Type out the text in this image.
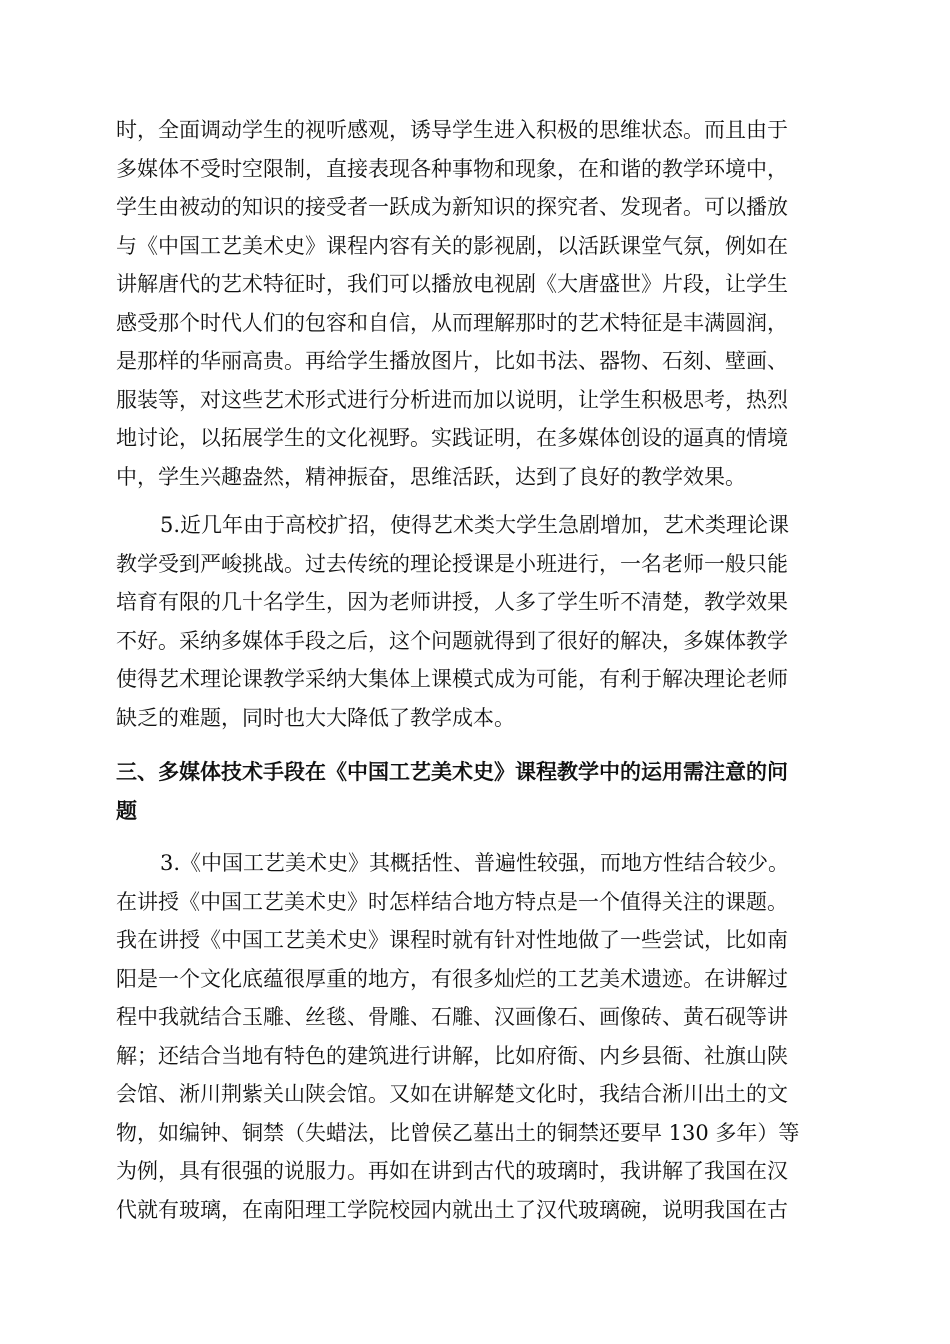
时，全面调动学生的视听感观，诱导学生进入积极的思维状态。而且由于
多媒体不受时空限制，直接表现各种事物和现象，在和谐的教学环境中，
学生由被动的知识的接受者一跃成为新知识的探究者、发现者。可以播放
与《中国工艺美术史》课程内容有关的影视剧，以活跃课堂气氛，例如在
讲解唐代的艺术特征时，我们可以播放电视剧《大唐盛世》片段，让学生
感受那个时代人们的包容和自信，从而理解那时的艺术特征是丰满圆润，
是那样的华丽高贵。再给学生播放图片，比如书法、器物、石刻、壁画、
服装等，对这些艺术形式进行分析进而加以说明，让学生积极思考，热烈
地讨论，以拓展学生的文化视野。实践证明，在多媒体创设的逼真的情境
中，学生兴趣盎然，精神振奋，思维活跃，达到了良好的教学效果。
5.近几年由于高校扩招，使得艺术类大学生急剧增加，艺术类理论课
教学受到严峻挑战。过去传统的理论授课是小班进行，一名老师一般只能
培育有限的几十名学生，因为老师讲授，人多了学生听不清楚，教学效果
不好。采纳多媒体手段之后，这个问题就得到了很好的解决，多媒体教学
使得艺术理论课教学采纳大集体上课模式成为可能，有利于解决理论老师
缺乏的难题，同时也大大降低了教学成本。
三、多媒体技术手段在《中国工艺美术史》课程教学中的运用需注意的问
题
3.《中国工艺美术史》其概括性、普遍性较强，而地方性结合较少。
在讲授《中国工艺美术史》时怎样结合地方特点是一个值得关注的课题。
我在讲授《中国工艺美术史》课程时就有针对性地做了一些尝试，比如南
阳是一个文化底蕴很厚重的地方，有很多灿烂的工艺美术遗迹。在讲解过
程中我就结合玉雕、丝毯、骨雕、石雕、汉画像石、画像砖、黄石砚等讲
解；还结合当地有特色的建筑进行讲解，比如府衙、内乡县衙、社旗山陕
会馆、淅川荆紫关山陕会馆。又如在讲解楚文化时，我结合淅川出土的文
物，如编钟、铜禁（失蜡法，比曾侯乙墓出土的铜禁还要早 130 多年）等
为例，具有很强的说服力。再如在讲到古代的玻璃时，我讲解了我国在汉
代就有玻璃，在南阳理工学院校园内就出土了汉代玻璃碗，说明我国在古
